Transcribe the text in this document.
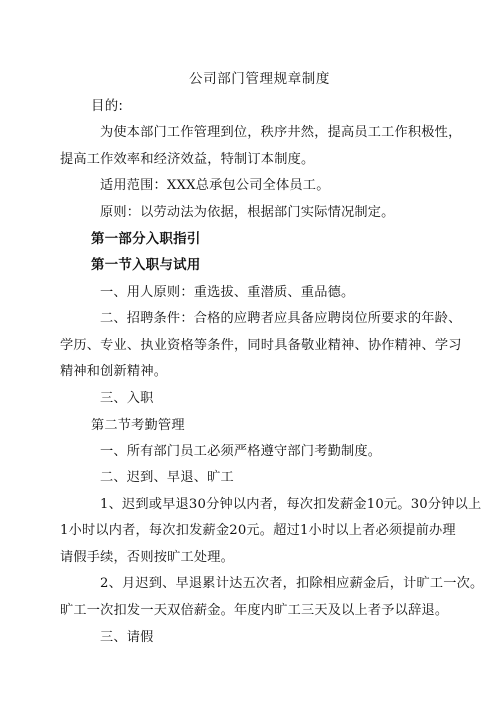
公司部门管理规章制度
目的:
为使本部门工作管理到位，秩序井然，提高员工工作积极性，
提高工作效率和经济效益，特制订本制度。
适用范围：XXX总承包公司全体员工。
原则：以劳动法为依据，根据部门实际情况制定。
第一部分入职指引
第一节入职与试用
一、用人原则：重选拔、重潜质、重品德。
二、招聘条件：合格的应聘者应具备应聘岗位所要求的年龄、
学历、专业、执业资格等条件，同时具备敬业精神、协作精神、学习
精神和创新精神。
三、入职
第二节考勤管理
一、所有部门员工必须严格遵守部门考勤制度。
二、迟到、早退、旷工
1、迟到或早退30分钟以内者，每次扣发薪金10元。30分钟以上
1小时以内者，每次扣发薪金20元。超过1小时以上者必须提前办理
请假手续，否则按旷工处理。
2、月迟到、早退累计达五次者，扣除相应薪金后，计旷工一次。
旷工一次扣发一天双倍薪金。年度内旷工三天及以上者予以辞退。
三、请假
